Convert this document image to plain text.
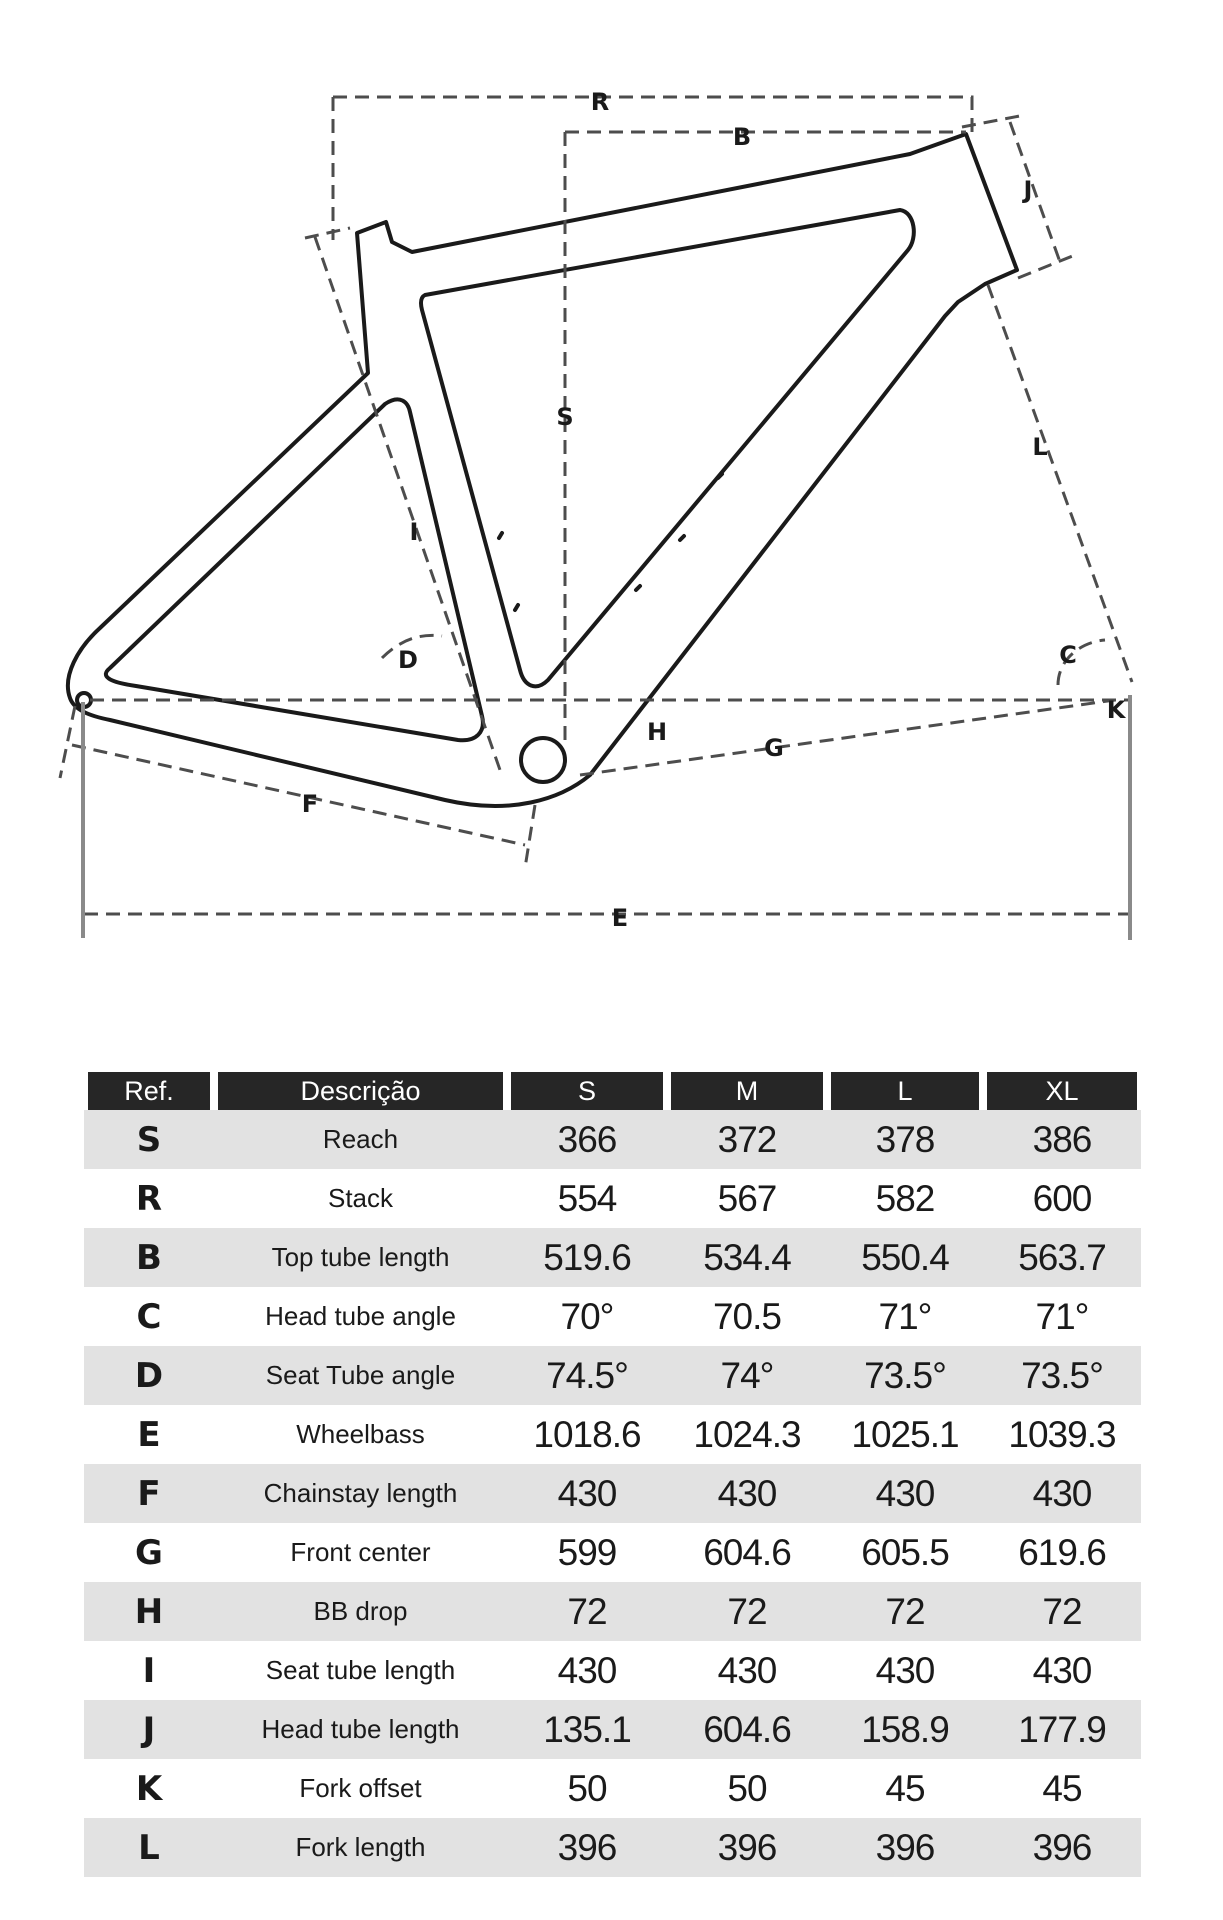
R
B
J
S
L
I
D	C
K
H
G
F
E
Ref.	Descrição	S	M	L	XL
S	Reach	366	372	378	386
R	Stack	554	567	582	600
B	Top tube length	519.6	534.4	550.4	563.7
C	Head tube angle	70°	70.5	71°	71°
D	Seat Tube angle	74.5°	74°	73.5°	73.5°
E	Wheelbass	1018.6	1024.3	1025.1	1039.3
F	Chainstay length	430	430	430	430
G	Front center	599	604.6	605.5	619.6
H	BB drop	72	72	72	72
I	Seat tube length	430	430	430	430
J	Head tube length	135.1	604.6	158.9	177.9
K	Fork offset	50	50	45	45
L	Fork length	396	396	396	396
